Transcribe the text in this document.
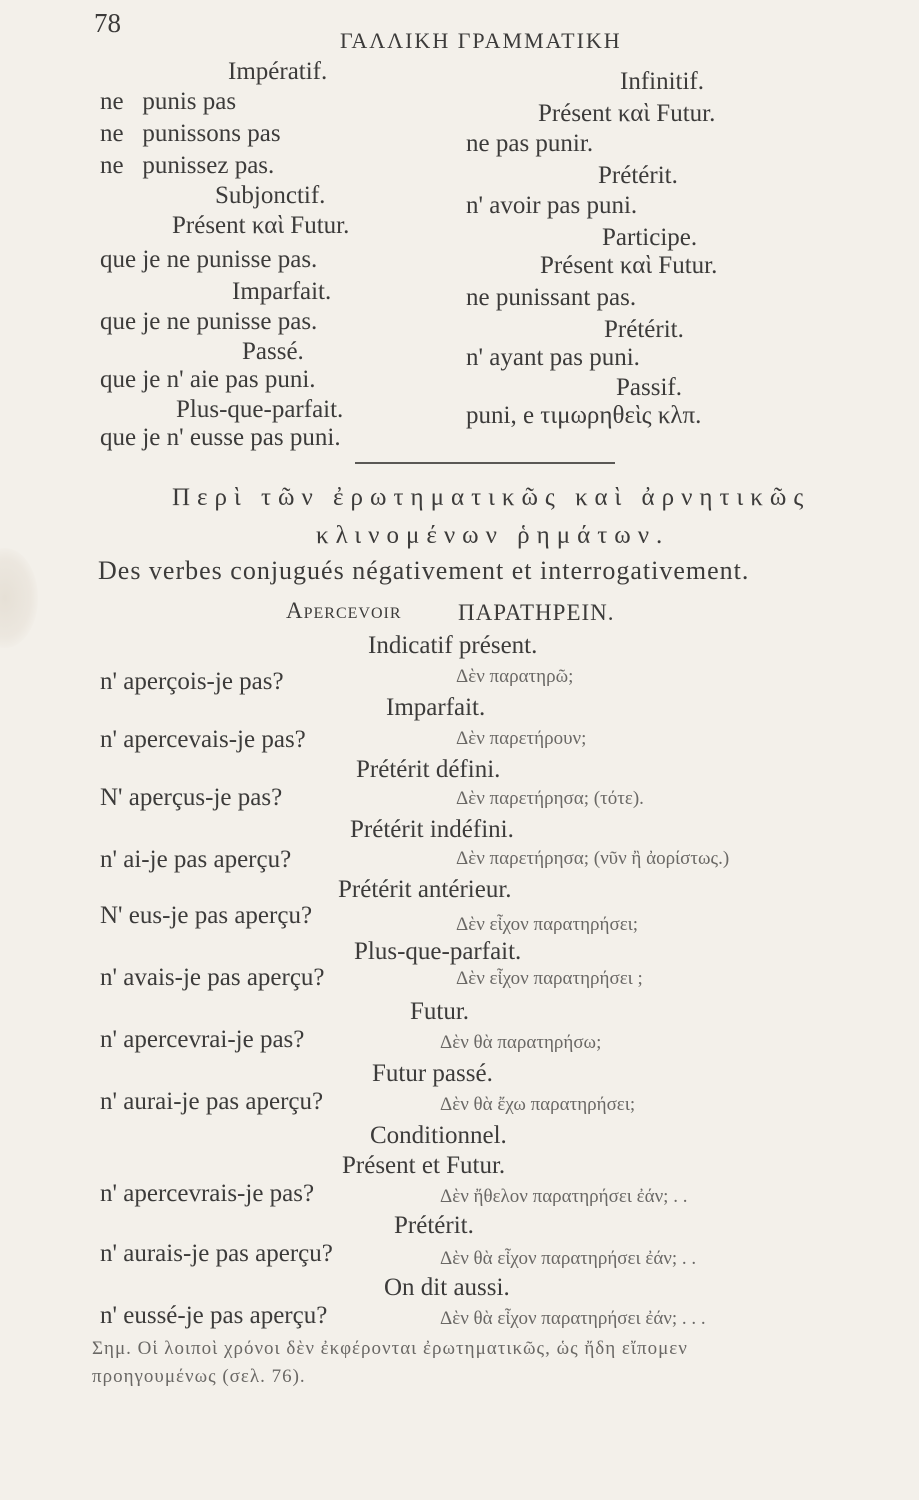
78
ΓΑΛΛΙΚΗ ΓΡΑΜΜΑΤΙΚΗ
Impératif.
ne   punis pas
ne   punissons pas
ne   punissez pas.
Subjonctif.
Présent καὶ Futur.
que je ne punisse pas.
Imparfait.
que je ne punisse pas.
Passé.
que je n' aie pas puni.
Plus-que-parfait.
que je n' eusse pas puni.
Infinitif.
Présent καὶ Futur.
ne pas punir.
Prétérit.
n' avoir pas puni.
Participe.
Présent καὶ Futur.
ne punissant pas.
Prétérit.
n' ayant pas puni.
Passif.
puni, e τιμωρηθεὶς κλπ.
Περὶ τῶν ἐρωτηματικῶς καὶ ἀρνητικῶς
κλινομένων ῥημάτων.
Des verbes conjugués négativement et interrogativement.
Apercevoir ΠΑΡΑΤΗΡΕΙΝ.
Indicatif présent.
n' aperçois-je pas?	Δὲν παρατηρῶ;
Imparfait.
n' apercevais-je pas?	Δὲν παρετήρουν;
Prétérit défini.
N' aperçus-je pas?	Δὲν παρετήρησα; (τότε).
Prétérit indéfini.
n' ai-je pas aperçu?	Δὲν παρετήρησα; (νῦν ἢ ἀορίστως.)
Prétérit antérieur.
N' eus-je pas aperçu?	Δὲν εἶχον παρατηρήσει;
Plus-que-parfait.
n' avais-je pas aperçu?	Δὲν εἶχον παρατηρήσει ;
Futur.
n' apercevrai-je pas?	Δὲν θὰ παρατηρήσω;
Futur passé.
n' aurai-je pas aperçu?	Δὲν θὰ ἔχω παρατηρήσει;
Conditionnel.
Présent et Futur.
n' apercevrais-je pas?	Δὲν ἤθελον παρατηρήσει ἐάν; . .
Prétérit.
n' aurais-je pas aperçu?	Δὲν θὰ εἶχον παρατηρήσει ἐάν; . .
On dit aussi.
n' eussé-je pas aperçu?	Δὲν θὰ εἶχον παρατηρήσει ἐάν; . . .
Σημ. Οἱ λοιποὶ χρόνοι δὲν ἐκφέρονται ἐρωτηματικῶς, ὡς ἤδη εἴπομεν
προηγουμένως (σελ. 76).
